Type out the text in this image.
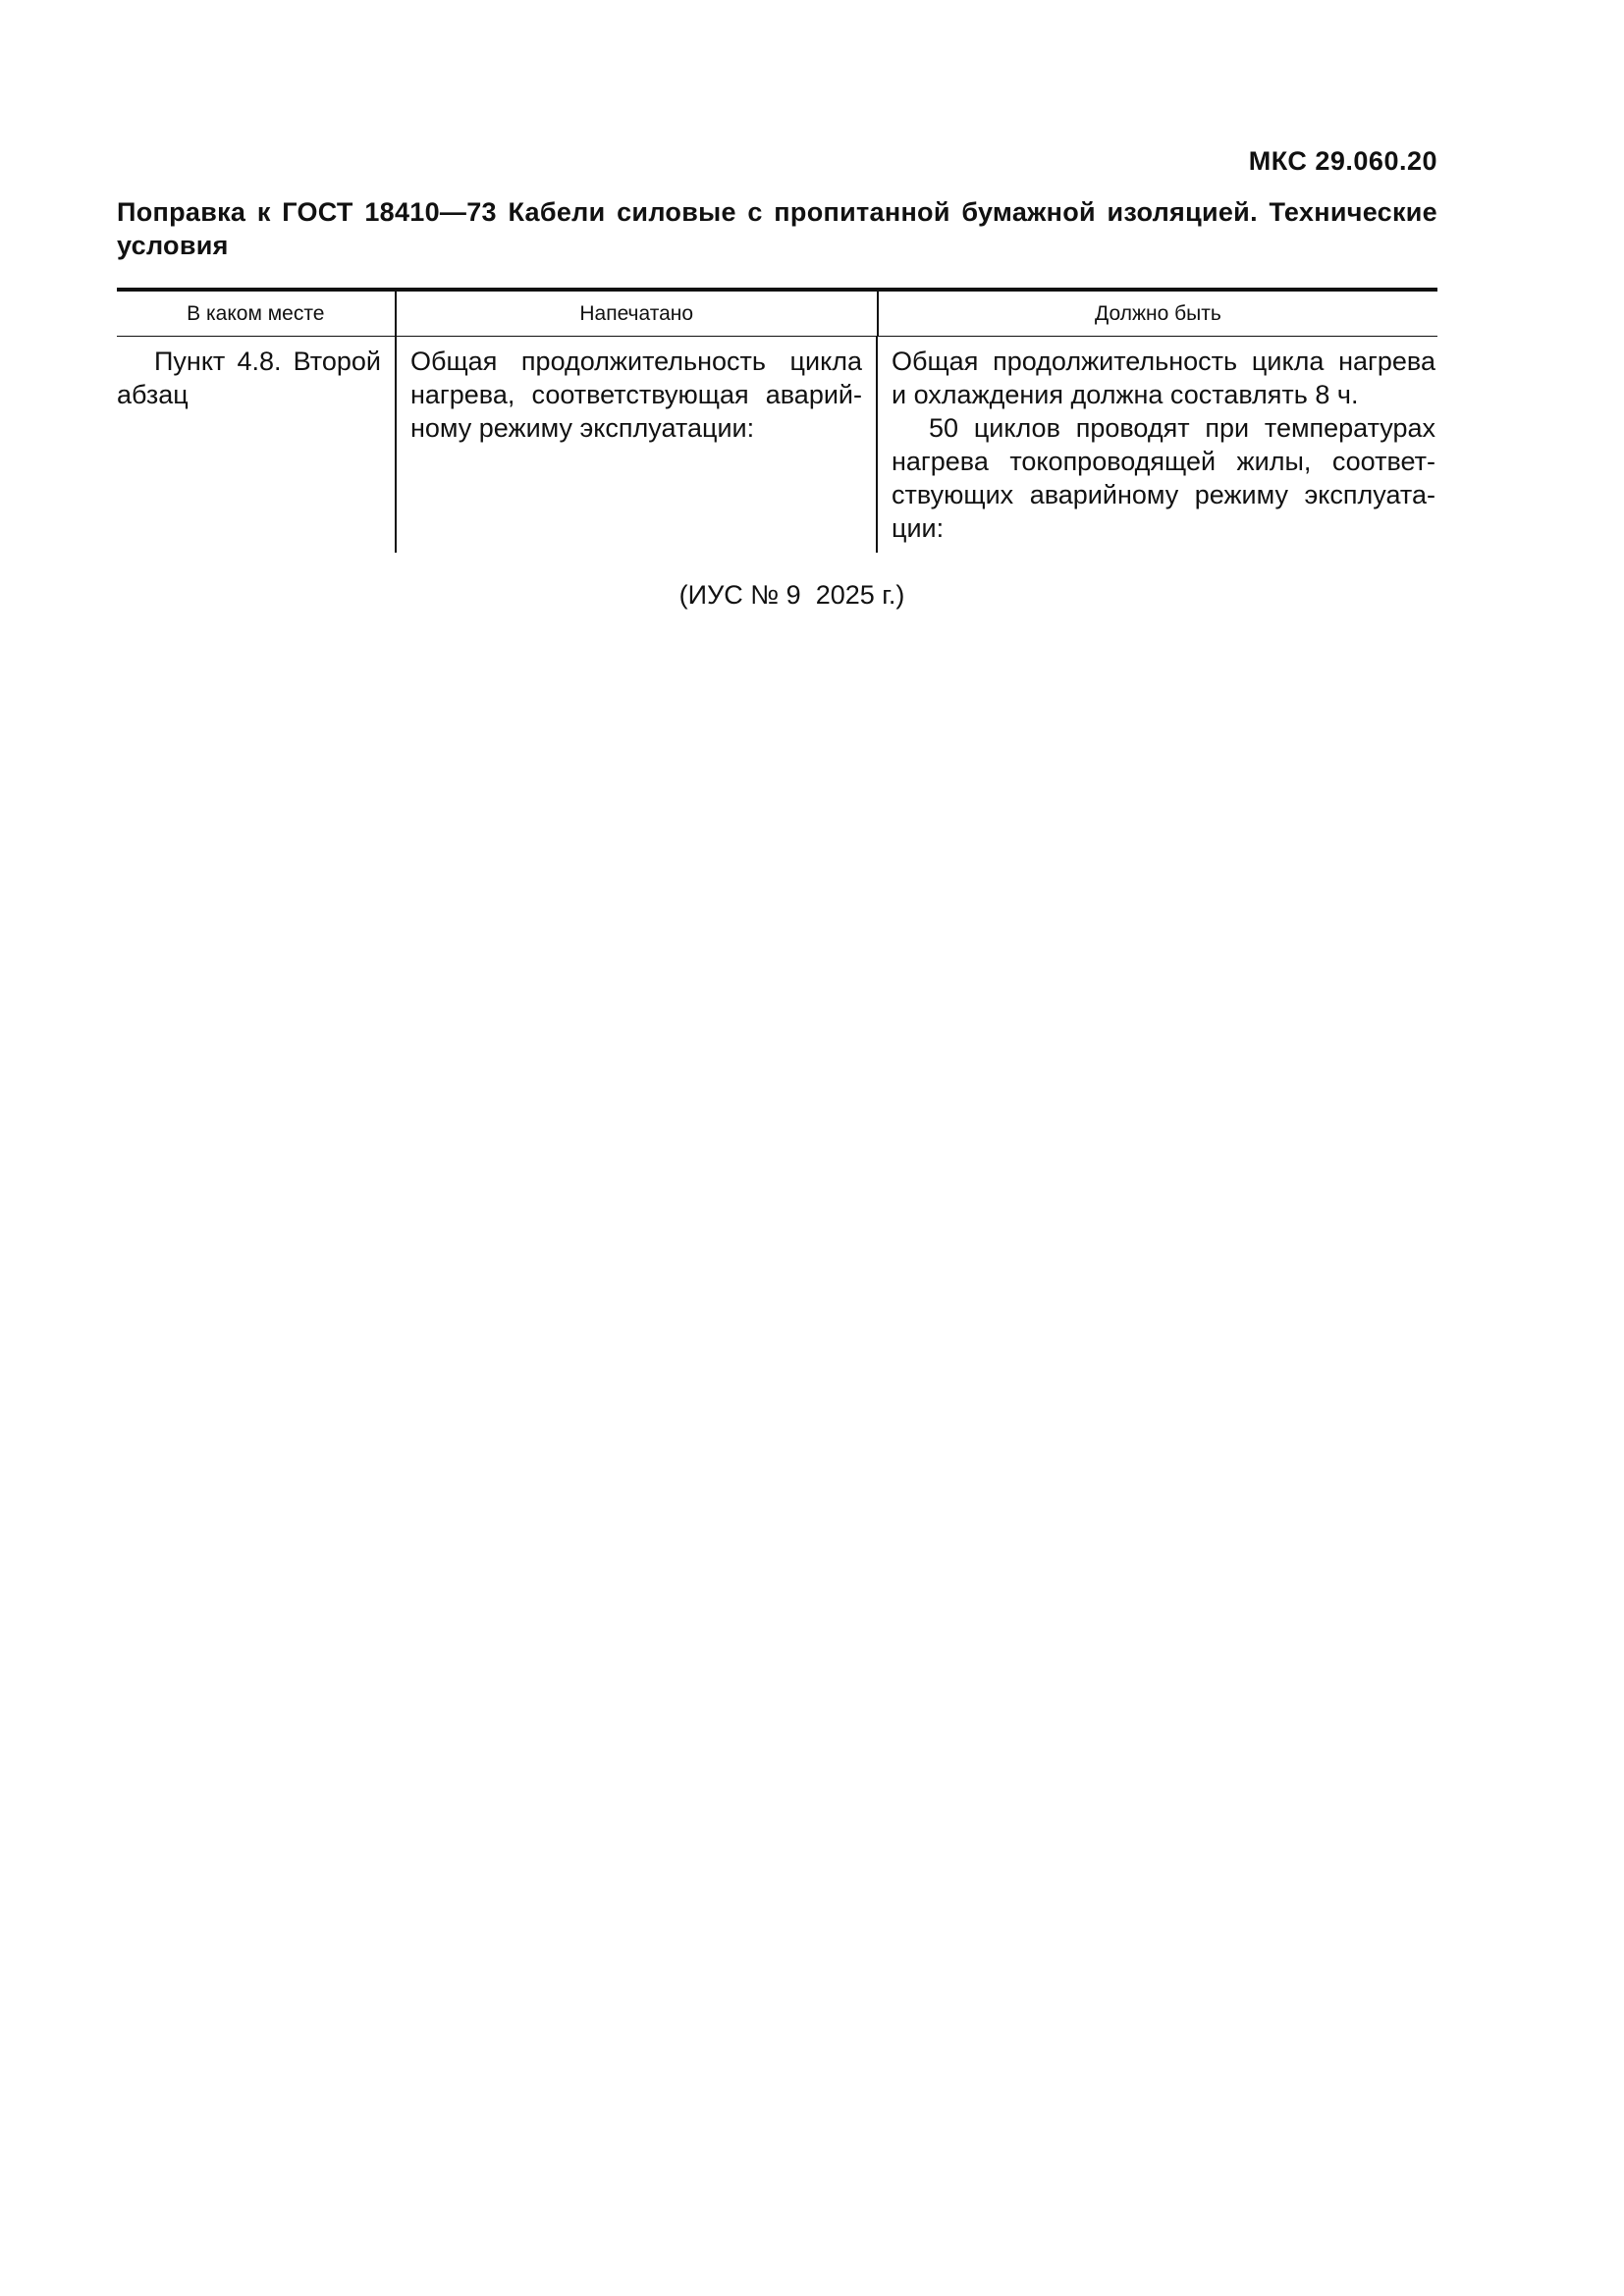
МКС 29.060.20
Поправка к ГОСТ 18410—73 Кабели силовые с пропитанной бумажной изоляцией. Технические условия
В каком месте	Напечатано	Должно быть

Пункт 4.8. Второй абзац

Общая продолжительность цикла нагрева, соответствующая аварийному режиму эксплуатации:

Общая продолжительность цикла нагрева и охлаждения должна составлять 8 ч.

50 циклов проводят при температурах нагрева токопроводящей жилы, соответствующих аварийному режиму эксплуатации:

(ИУС № 9  2025 г.)
